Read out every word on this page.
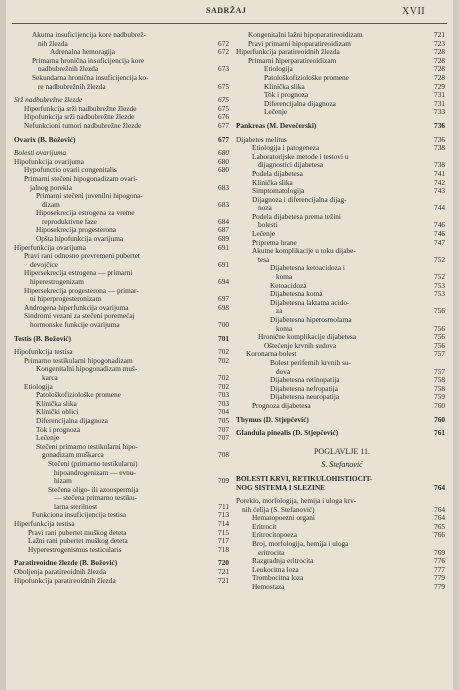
SADRŽAJ	XVII
Akutna insuficijencija kore nadbubrež-
nih žlezda	672
Adrenalna hemoragija	672
Primarna hronična insuficijencija kore
nadbubrežnih žlezda	673
Sekundarna hronična insuficijencija ko-
re nadbubrežnih žlezda	675
Srž nadbubrežne žlezde	675
Hiperfunkcija srži nadbubrežne žlezde	675
Hipofunkcija srži nadbubrežne žlezde	676
Nefunkcioni tumori nadbubrežne žlezde	677
Ovarix (B. Božović)	677
Bolesti ovarijuma	680
Hipofunkcija ovarijuma	680
Hypofunctio ovarii congenitalis	680
Primarni stečeni hipogonadizam ovari-
jalnog porekla	683
Primarni stečeni juvenilni hipogona-
dizam	683
Hiposekrecija estrogena za vreme
reproduktivne faze	684
Hiposekrecija progesterona	687
Opšta hipofunkcija ovarijuma	689
Hiperfunkcija ovarijuma	691
Pravi rani odnosno prevremeni pubertet
devojčice	691
Hipersekrecija estrogena — primarni
hiperestrogenizam	694
Hipersekrecija progesterona — primar-
ni hiperprogesteronizam	697
Androgena hiperfunkcija ovarijuma	698
Sindromi vezani za stečeni poremećaj
hormonske funkcije ovarijuma	700
Testis (B. Božović)	701
Hipofunkcija testisa	702
Primarno testikularni hipogonadizam	702
Kongenitalni hipogonadizam muš-
karca	702
Etiologija	702
Patološkofiziološke promene	703
Klinička slika	703
Klinički oblici	704
Diferencijalna dijagnoza	705
Tok i prognoza	707
Lečenje	707
Stečeni primarno testikularni hipo-
gonadizam muškarca	708
Stečeni (primarno testikularni)
hipoandrogenizam — evnu-
hizam	709
Stečena oligo- ili azoospermija
— stečena primarno testiku-
larna sterilnost	711
Funkciona insuficijencija testisa	713
Hiperfunkcija testisa	714
Pravi rani pubertet muškog deteta	715
Lažni rani pubertet muškog deteta	717
Hyperestrogenismus testicularis	718
Paratireoidne žlezde (B. Božović)	720
Oboljenja paratireoidnih žlezda	721
Hipofunkcija paratireoidnih žlezda	721
Kongenitalni lažni hipoparatireoidizam	721
Pravi primarni hipoparatireoidizam	723
Hiperfunkcija paratireoidnih žlezda	728
Primarni hiperparatireoidizam	728
Etiologija	728
Patološkofiziološke promene	728
Klinička slika	729
Tok i prognoza	731
Diferencijalna dijagnoza	731
Lečenje	733
Pankreas (M. Devečerski)	736
Dijabetes melitus	736
Etiologija i patogeneza	738
Laboratorijske metode i testovi u
dijagnostici dijabetesa	738
Podela dijabetesa	741
Klinička slika	742
Simptomatologija	743
Dijagnoza i diferencijalna dijag-
noza	744
Podela dijabetesa prema težini
bolesti	746
Lečenje	746
Priprema hrane	747
Akutne komplikacije u toku dijabe-
tesa	752
Dijabetesna ketoacidoza i
koma	752
Ketoacidoza	753
Dijabetesna koma	753
Dijabetesna laktatna acido-
za	756
Dijabetesna hiperosmolarna
koma	756
Hronične komplikacije dijabetesa	756
Oštećenje krvnih sudova	756
Koronarna bolest	757
Bolest perifernih krvnih su-
dova	757
Dijabetesna retinopatija	758
Dijabetesna nefropatija	758
Dijabetesna neuropatija	759
Prognoza dijabetesa	760
Thymus (D. Stjepčević)	760
Glandula pinealis (D. Stjepčević)	761
POGLAVLJE 11.
S. Stefanović
BOLESTI KRVI, RETIKULOHISTIOCIT-
NOG SISTEMA I SLEZINE	764
Poreklo, morfologija, hemija i uloga krv-
nih ćelija (S. Stefanović)	764
Hematopoezni organi	764
Eritrocit	765
Eritrocitopoeza	766
Broj, morfologija, hemija i uloga
eritrocita	769
Razgradnja eritrocita	776
Leukocitna loza	777
Trombocitna loza	779
Hemostaza	779
